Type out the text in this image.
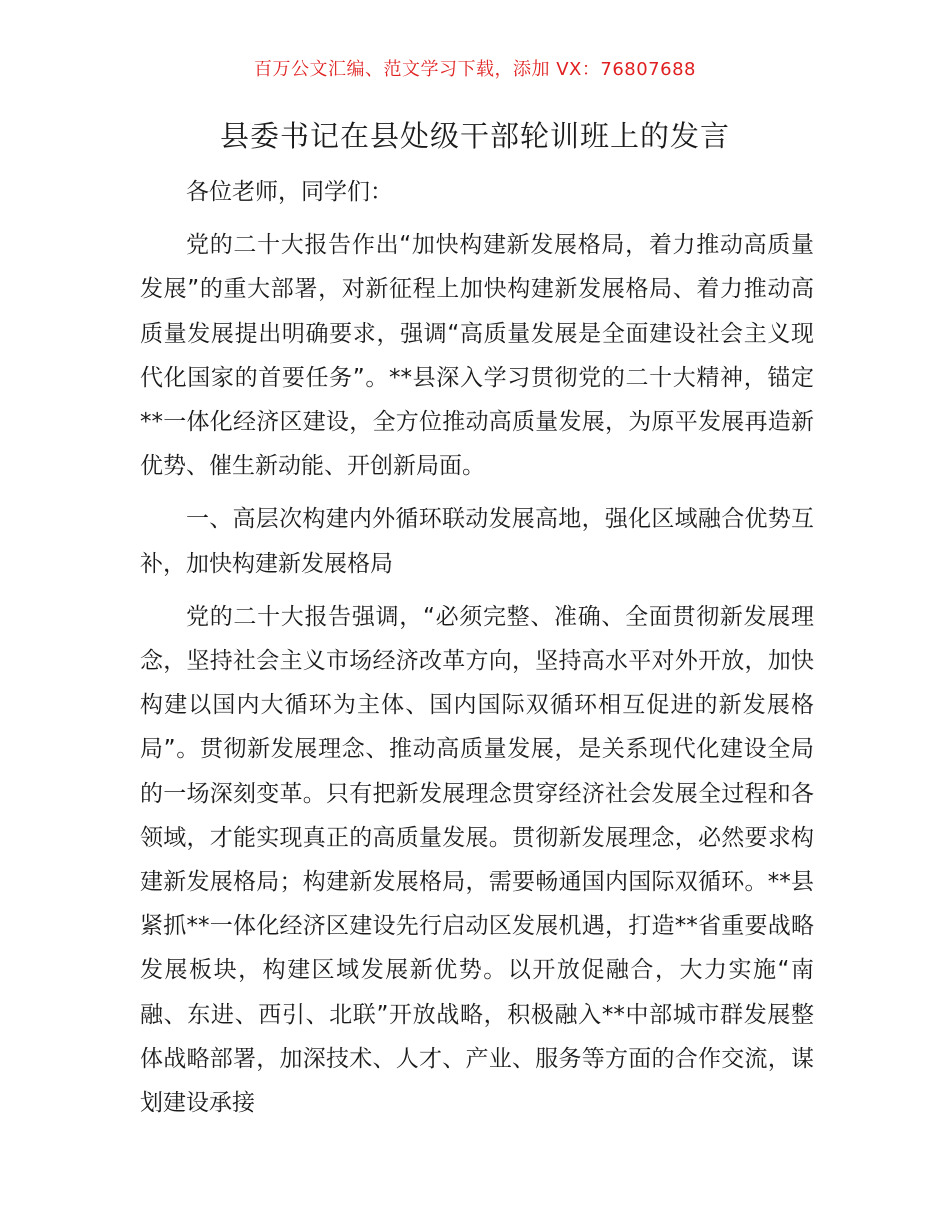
百万公文汇编、范文学习下载，添加 VX：76807688
县委书记在县处级干部轮训班上的发言

各位老师，同学们：

党的二十大报告作出“加快构建新发展格局，着力推动高质量发展”的重大部署，对新征程上加快构建新发展格局、着力推动高质量发展提出明确要求，强调“高质量发展是全面建设社会主义现代化国家的首要任务”。**县深入学习贯彻党的二十大精神，锚定**一体化经济区建设，全方位推动高质量发展，为原平发展再造新优势、催生新动能、开创新局面。

一、高层次构建内外循环联动发展高地，强化区域融合优势互补，加快构建新发展格局

党的二十大报告强调，“必须完整、准确、全面贯彻新发展理念，坚持社会主义市场经济改革方向，坚持高水平对外开放，加快构建以国内大循环为主体、国内国际双循环相互促进的新发展格局”。贯彻新发展理念、推动高质量发展，是关系现代化建设全局的一场深刻变革。只有把新发展理念贯穿经济社会发展全过程和各领域，才能实现真正的高质量发展。贯彻新发展理念，必然要求构建新发展格局；构建新发展格局，需要畅通国内国际双循环。**县紧抓**一体化经济区建设先行启动区发展机遇，打造**省重要战略发展板块，构建区域发展新优势。以开放促融合，大力实施“南融、东进、西引、北联”开放战略，积极融入**中部城市群发展整体战略部署，加深技术、人才、产业、服务等方面的合作交流，谋划建设承接
